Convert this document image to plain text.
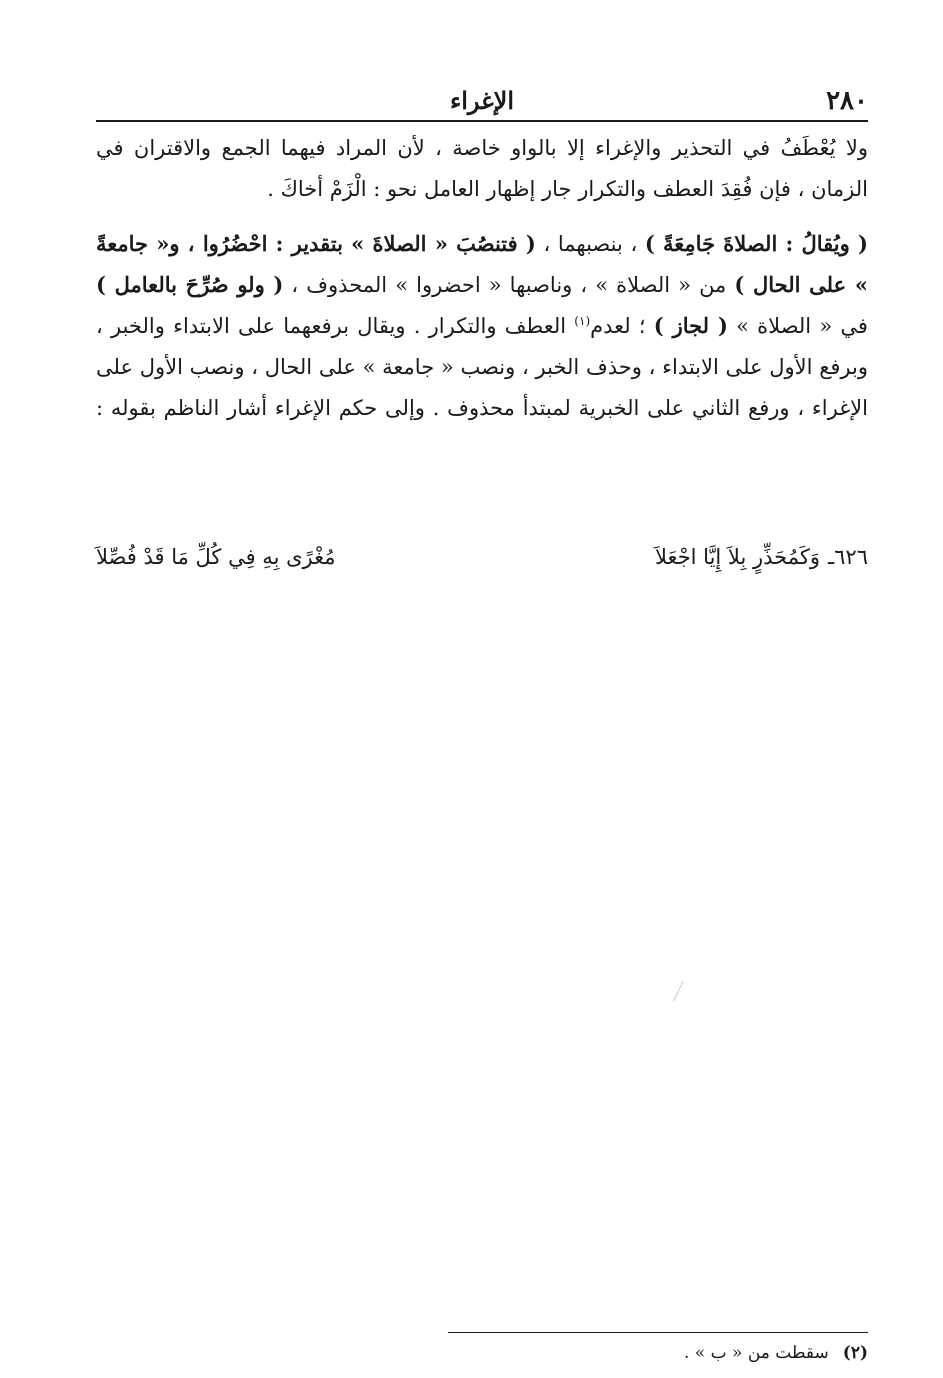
٢٨٠
الإغراء

ولا يُعْطَفُ في التحذير والإغراء إلا بالواو خاصة ، لأن المراد فيهما الجمع والاقتران في الزمان ، فإن فُقِدَ العطف والتكرار جار إظهار العامل نحو : الْزَمْ أخاكَ .

( ويُقالُ : الصلاةَ جَامِعَةً ) ، بنصبهما ، ( فتنصُبَ « الصلاةَ » بتقدير : احْضُرُوا ، و« جامعةً » على الحال ) من « الصلاة » ، وناصبها « احضروا » المحذوف ، ( ولو صُرِّحَ بالعامل ) في « الصلاة » ( لجاز ) ؛ لعدم$^{(١)}$ العطف والتكرار . ويقال برفعهما على الابتداء والخبر ، وبرفع الأول على الابتداء ، وحذف الخبر ، ونصب « جامعة » على الحال ، ونصب الأول على الإغراء ، ورفع الثاني على الخبرية لمبتدأ محذوف . وإلى حكم الإغراء أشار الناظم بقوله :

٦٢٦ـ
وَكَمُحَذِّرٍ بِلاَ إِيَّا اجْعَلاَ
مُغْرًى بِهِ فِي كُلِّ مَا قَدْ فُصِّلاَ
(٢)
سقطت من « ب » .
